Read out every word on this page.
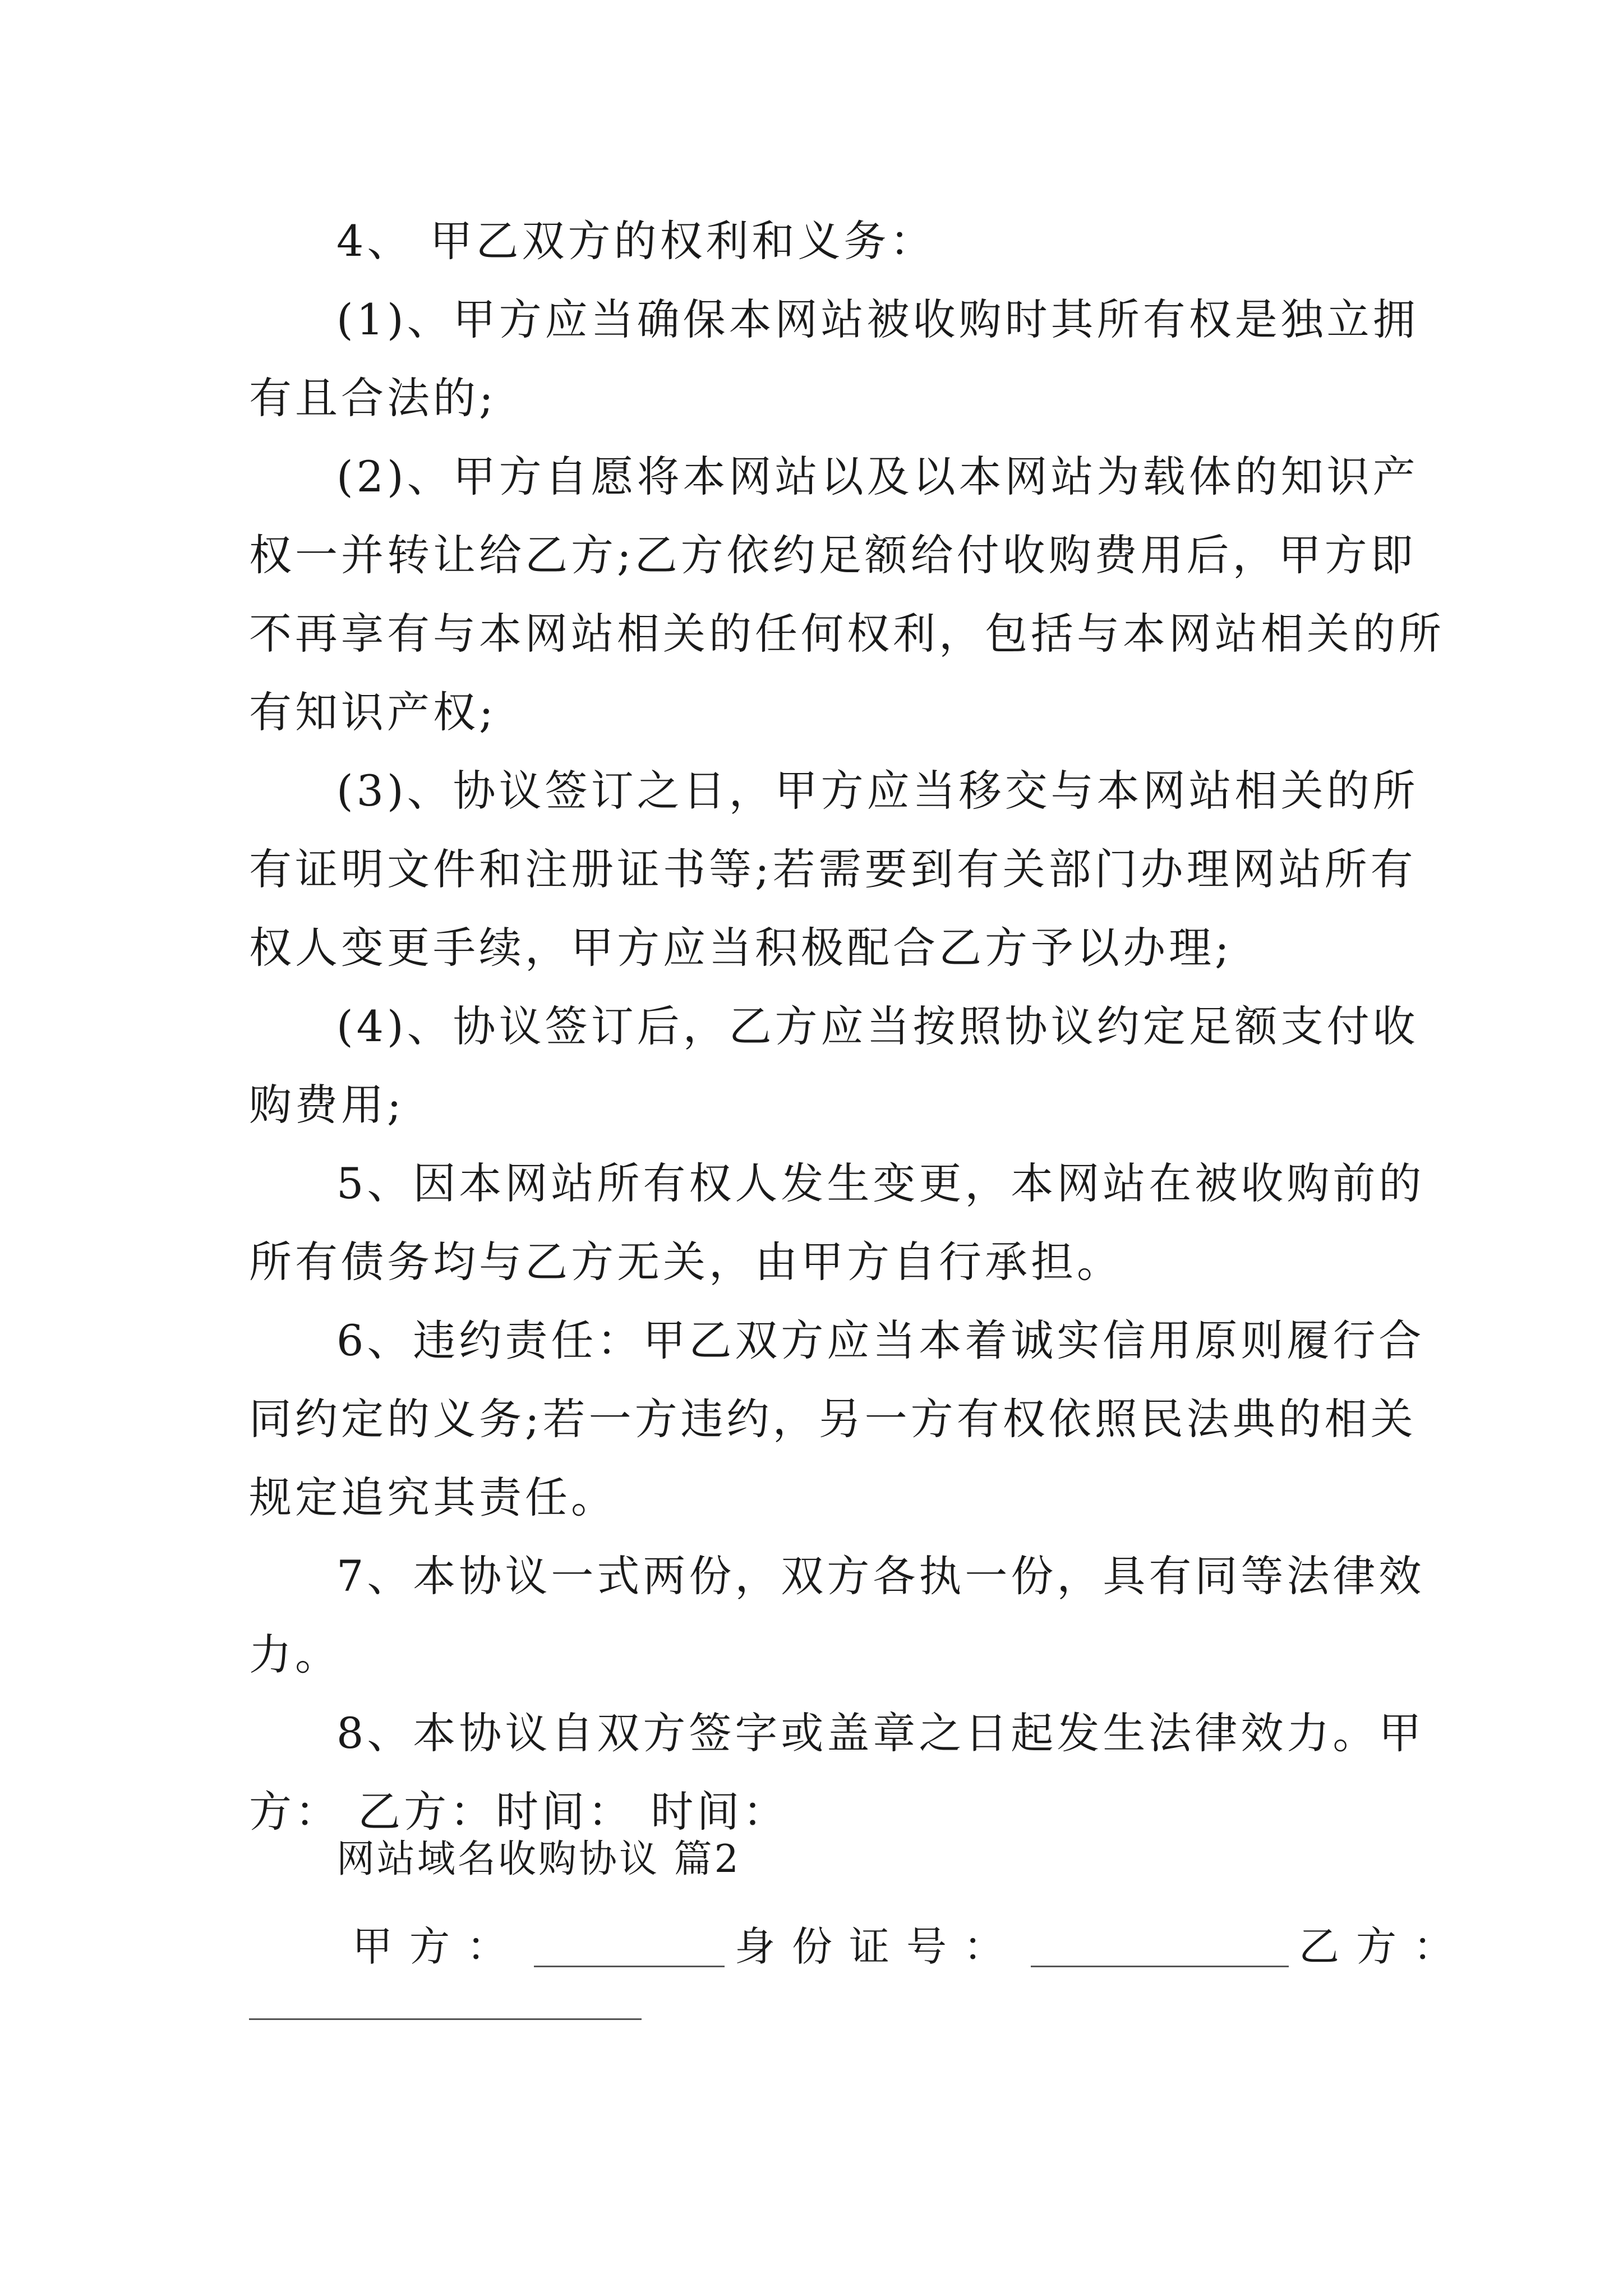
4、 甲乙双方的权利和义务：
(1)、甲方应当确保本网站被收购时其所有权是独立拥
有且合法的;
(2)、甲方自愿将本网站以及以本网站为载体的知识产
权一并转让给乙方;乙方依约足额给付收购费用后，甲方即
不再享有与本网站相关的任何权利，包括与本网站相关的所
有知识产权;
(3)、协议签订之日，甲方应当移交与本网站相关的所
有证明文件和注册证书等;若需要到有关部门办理网站所有
权人变更手续，甲方应当积极配合乙方予以办理;
(4)、协议签订后，乙方应当按照协议约定足额支付收
购费用;
5、因本网站所有权人发生变更，本网站在被收购前的
所有债务均与乙方无关，由甲方自行承担。
6、违约责任：甲乙双方应当本着诚实信用原则履行合
同约定的义务;若一方违约，另一方有权依照民法典的相关
规定追究其责任。
7、本协议一式两份，双方各执一份，具有同等法律效
力。
8、本协议自双方签字或盖章之日起发生法律效力。甲
方： 乙方：时间： 时间：
网站域名收购协议 篇2
甲方：	身份证号：	乙方：
